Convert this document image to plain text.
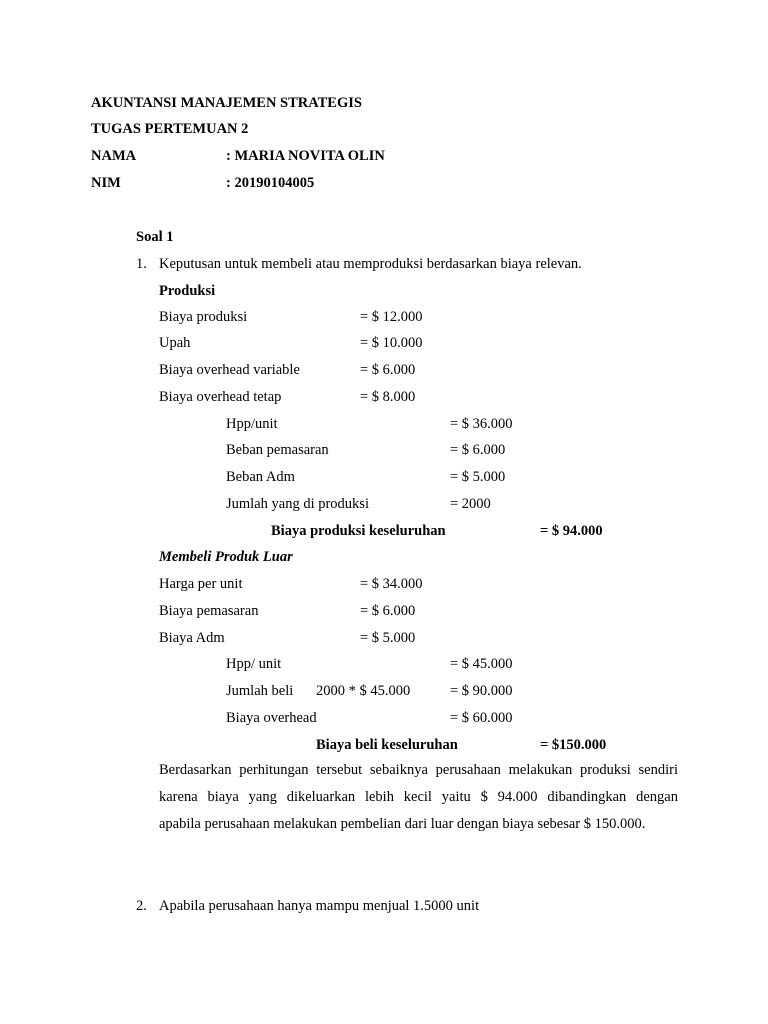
AKUNTANSI MANAJEMEN STRATEGIS
TUGAS PERTEMUAN 2
NAMA	: MARIA NOVITA OLIN
NIM	: 20190104005
Soal 1
1. Keputusan untuk membeli atau memproduksi berdasarkan biaya relevan.
Produksi
Biaya produksi	= $ 12.000
Upah	= $ 10.000
Biaya overhead variable	= $ 6.000
Biaya overhead tetap	= $ 8.000
Hpp/unit	= $ 36.000
Beban pemasaran	= $ 6.000
Beban Adm	= $ 5.000
Jumlah yang di produksi	= 2000
Biaya produksi keseluruhan	= $ 94.000
Membeli Produk Luar
Harga per unit	= $ 34.000
Biaya pemasaran	= $ 6.000
Biaya Adm	= $ 5.000
Hpp/ unit	= $ 45.000
Jumlah beli 2000 * $ 45.000	= $ 90.000
Biaya overhead	= $ 60.000
Biaya beli keseluruhan	= $150.000
Berdasarkan perhitungan tersebut sebaiknya perusahaan melakukan produksi sendiri
karena biaya yang dikeluarkan lebih kecil yaitu $ 94.000 dibandingkan dengan
apabila perusahaan melakukan pembelian dari luar dengan biaya sebesar $ 150.000.
2. Apabila perusahaan hanya mampu menjual 1.5000 unit
